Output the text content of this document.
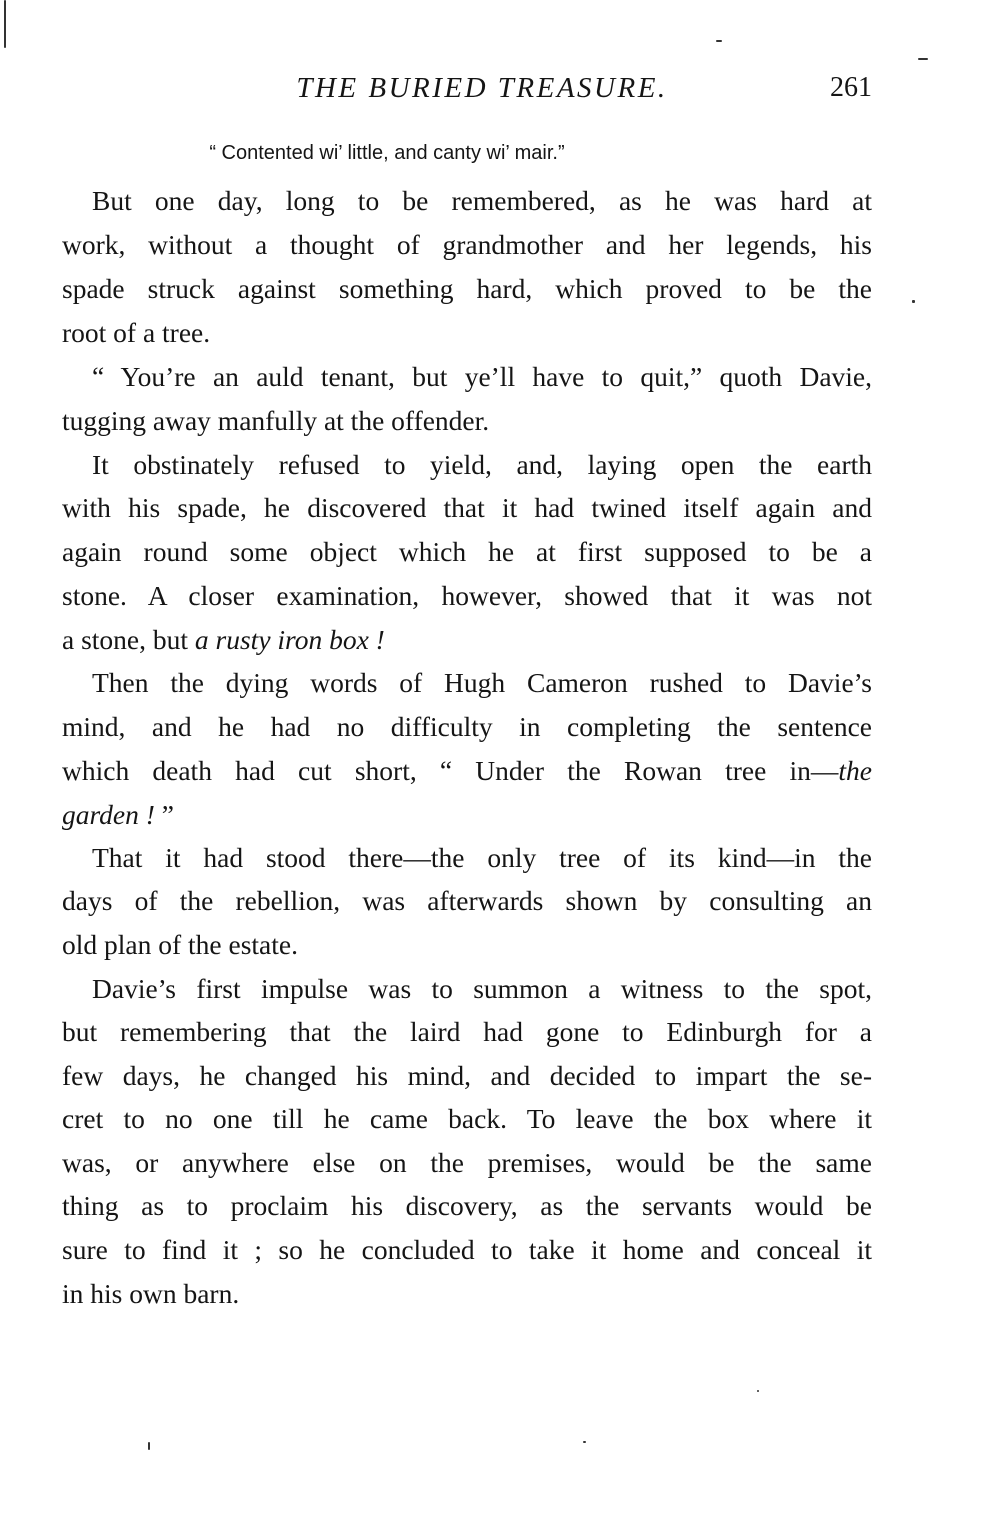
THE BURIED TREASURE.	261
“ Contented wi’ little, and canty wi’ mair.”
But one day, long to be remembered, as he was hard at
work, without a thought of grandmother and her legends, his
spade struck against something hard, which proved to be the
root of a tree.
“ You’re an auld tenant, but ye’ll have to quit,” quoth Davie,
tugging away manfully at the offender.
It obstinately refused to yield, and, laying open the earth
with his spade, he discovered that it had twined itself again and
again round some object which he at first supposed to be a
stone. A closer examination, however, showed that it was not
a stone, but a rusty iron box !
Then the dying words of Hugh Cameron rushed to Davie’s
mind, and he had no difficulty in completing the sentence
which death had cut short, “ Under the Rowan tree in—the
garden ! ”
That it had stood there—the only tree of its kind—in the
days of the rebellion, was afterwards shown by consulting an
old plan of the estate.
Davie’s first impulse was to summon a witness to the spot,
but remembering that the laird had gone to Edinburgh for a
few days, he changed his mind, and decided to impart the se-
cret to no one till he came back. To leave the box where it
was, or anywhere else on the premises, would be the same
thing as to proclaim his discovery, as the servants would be
sure to find it ; so he concluded to take it home and conceal it
in his own barn.
